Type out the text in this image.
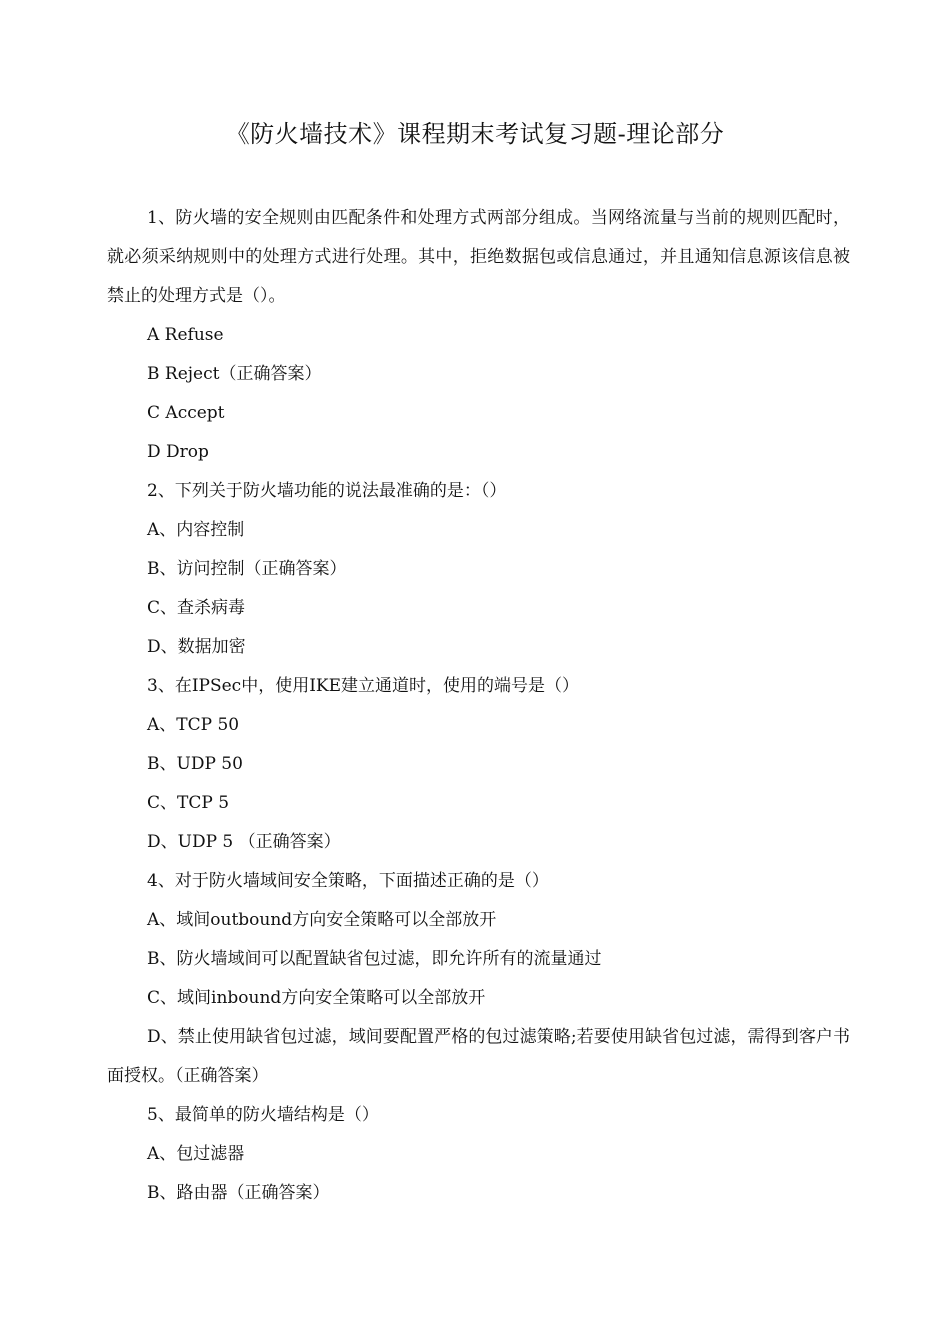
《防火墙技术》课程期末考试复习题-理论部分

1、防火墙的安全规则由匹配条件和处理方式两部分组成。当网络流量与当前的规则匹配时，就必须采纳规则中的处理方式进行处理。其中，拒绝数据包或信息通过，并且通知信息源该信息被禁止的处理方式是（）。

A Refuse

B Reject（正确答案）

C Accept

D Drop

2、下列关于防火墙功能的说法最准确的是：（）

A、内容控制

B、访问控制（正确答案）

C、查杀病毒

D、数据加密

3、在IPSec中，使用IKE建立通道时，使用的端号是（）

A、TCP 50

B、UDP 50

C、TCP 5

D、UDP 5 （正确答案）

4、对于防火墙域间安全策略，下面描述正确的是（）

A、域间outbound方向安全策略可以全部放开

B、防火墙域间可以配置缺省包过滤，即允许所有的流量通过

C、域间inbound方向安全策略可以全部放开

D、禁止使用缺省包过滤，域间要配置严格的包过滤策略;若要使用缺省包过滤，需得到客户书面授权。（正确答案）

5、最简单的防火墙结构是（）

A、包过滤器

B、路由器（正确答案）
